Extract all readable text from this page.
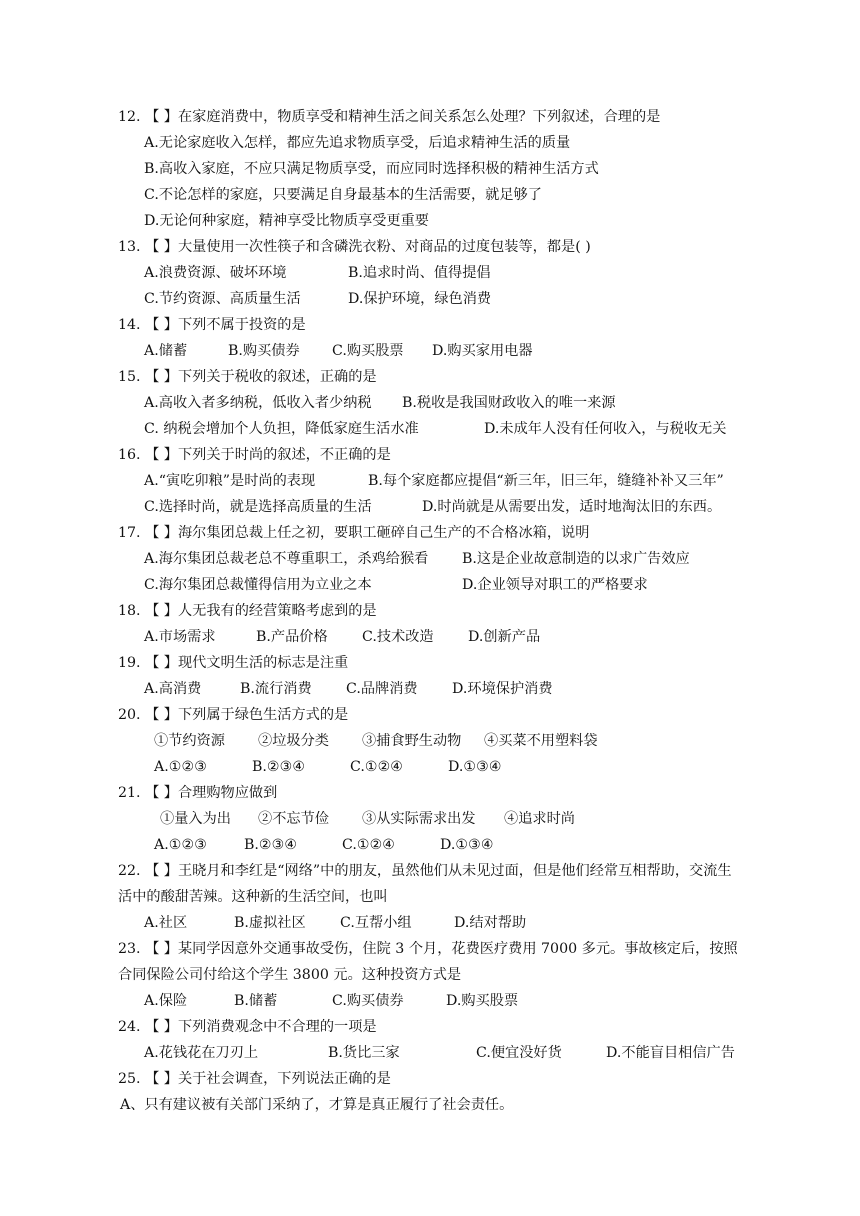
12. 【 】在家庭消费中，物质享受和精神生活之间关系怎么处理？下列叙述，合理的是
A.无论家庭收入怎样，都应先追求物质享受，后追求精神生活的质量
B.高收入家庭，不应只满足物质享受，而应同时选择积极的精神生活方式
C.不论怎样的家庭，只要满足自身最基本的生活需要，就足够了
D.无论何种家庭，精神享受比物质享受更重要
13. 【 】大量使用一次性筷子和含磷洗衣粉、对商品的过度包装等，都是( )
A.浪费资源、破坏环境	B.追求时尚、值得提倡
C.节约资源、高质量生活	D.保护环境，绿色消费
14. 【 】下列不属于投资的是
A.储蓄	B.购买债券 C.购买股票 D.购买家用电器
15. 【 】下列关于税收的叙述，正确的是
A.高收入者多纳税，低收入者少纳税 B.税收是我国财政收入的唯一来源
C. 纳税会增加个人负担，降低家庭生活水准	D.未成年人没有任何收入，与税收无关
16. 【 】下列关于时尚的叙述，不正确的是
A.“寅吃卯粮”是时尚的表现	B.每个家庭都应提倡“新三年，旧三年，缝缝补补又三年”
C.选择时尚，就是选择高质量的生活	D.时尚就是从需要出发，适时地淘汰旧的东西。
17. 【 】海尔集团总裁上任之初，要职工砸碎自己生产的不合格冰箱，说明
A.海尔集团总裁老总不尊重职工，杀鸡给猴看 B.这是企业故意制造的以求广告效应
C.海尔集团总裁懂得信用为立业之本	D.企业领导对职工的严格要求
18. 【 】人无我有的经营策略考虑到的是
A.市场需求	B.产品价格 C.技术改造 D.创新产品
19. 【 】现代文明生活的标志是注重
A.高消费	B.流行消费 C.品牌消费 D.环境保护消费
20. 【 】下列属于绿色生活方式的是
①节约资源 ②垃圾分类 ③捕食野生动物 ④买菜不用塑料袋
A.①②③	B.②③④	C.①②④	D.①③④
21. 【 】合理购物应做到
①量入为出 ②不忘节俭 ③从实际需求出发 ④追求时尚
A.①②③	B.②③④	C.①②④	D.①③④
22. 【 】王晓月和李红是“网络”中的朋友，虽然他们从未见过面，但是他们经常互相帮助，交流生活中的酸甜苦辣。这种新的生活空间，也叫
A.社区	B.虚拟社区 C.互帮小组	D.结对帮助
23. 【 】某同学因意外交通事故受伤，住院 3 个月，花费医疗费用 7000 多元。事故核定后，按照合同保险公司付给这个学生 3800 元。这种投资方式是
A.保险	B.储蓄	C.购买债券	D.购买股票
24. 【 】下列消费观念中不合理的一项是
A.花钱花在刀刃上	B.货比三家	C.便宜没好货	D.不能盲目相信广告
25. 【 】关于社会调查，下列说法正确的是
A、只有建议被有关部门采纳了，才算是真正履行了社会责任。
